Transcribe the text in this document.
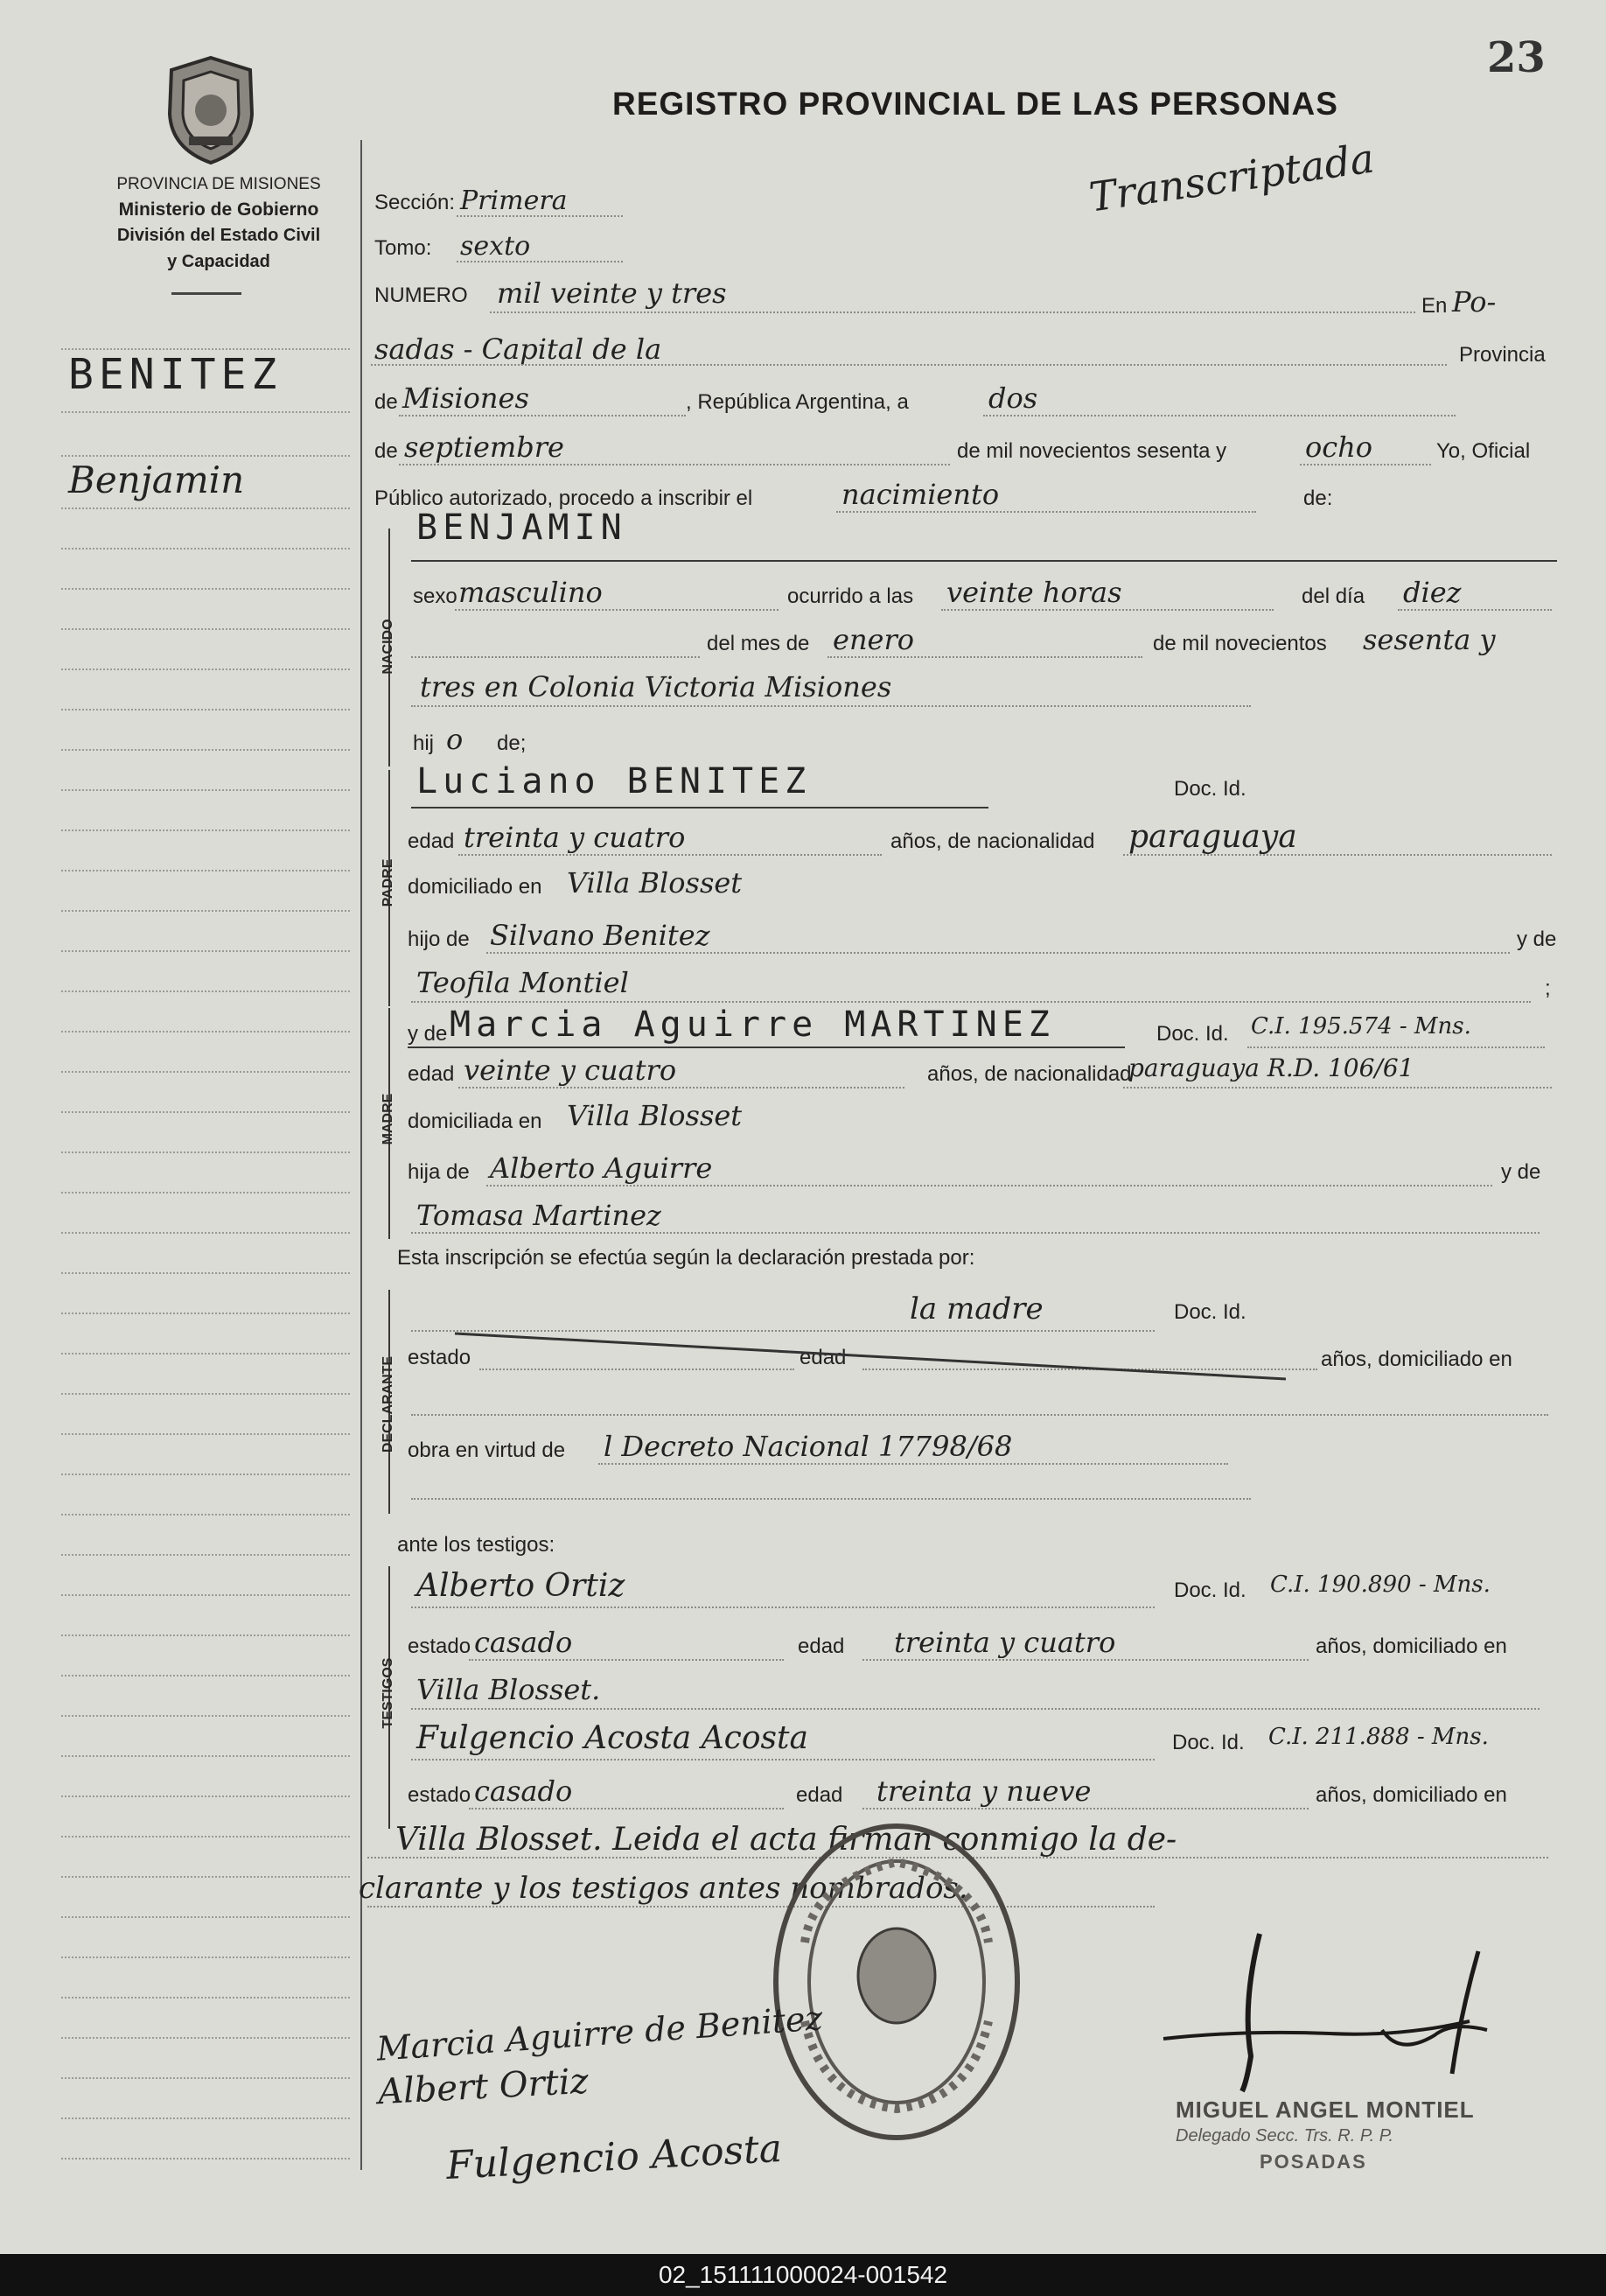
23
PROVINCIA DE MISIONES
Ministerio de Gobierno
División del Estado Civil
y Capacidad
BENITEZ
Benjamin
REGISTRO PROVINCIAL DE LAS PERSONAS
Transcriptada
Sección: Primera
Tomo: sexto
NUMERO mil veinte y tres	En Po-
sadas - Capital de la	Provincia
de Misiones	, República Argentina, a	dos
de septiembre	de mil novecientos sesenta y	ocho	Yo, Oficial
Público autorizado, procedo a inscribir el	nacimiento	de:
NACIDO
BENJAMIN
sexo masculino	ocurrido a las veinte horas	del día diez
del mes de enero	de mil novecientos sesenta y
tres en Colonia Victoria Misiones
hij o de;
PADRE
Luciano BENITEZ	Doc. Id.
edad treinta y cuatro	años, de nacionalidad paraguaya
domiciliado en Villa Blosset
hijo de Silvano Benitez	y de
Teofila Montiel	;
MADRE
y de Marcia Aguirre MARTINEZ	Doc. Id. C.I. 195.574 - Mns.
edad veinte y cuatro	años, de nacionalidad
paraguaya R.D. 106/61
domiciliada en Villa Blosset
hija de Alberto Aguirre	y de
Tomasa Martinez
Esta inscripción se efectúa según la declaración prestada por:
DECLARANTE
la madre	Doc. Id.
estado	edad	años, domiciliado en
obra en virtud de l Decreto Nacional 17798/68
ante los testigos:
TESTIGOS
Alberto Ortiz	Doc. Id. C.I. 190.890 - Mns.
estado casado	edad treinta y cuatro	años, domiciliado en
Villa Blosset.
Fulgencio Acosta Acosta	Doc. Id. C.I. 211.888 - Mns.
estado casado	edad treinta y nueve	años, domiciliado en
Villa Blosset. Leida el acta firman conmigo la de-
clarante y los testigos antes nombrados.
Marcia Aguirre de Benitez
Albert Ortiz
Fulgencio Acosta
MIGUEL ANGEL MONTIEL
Delegado Secc. Trs. R. P. P.
POSADAS
02_151111000024-001542
